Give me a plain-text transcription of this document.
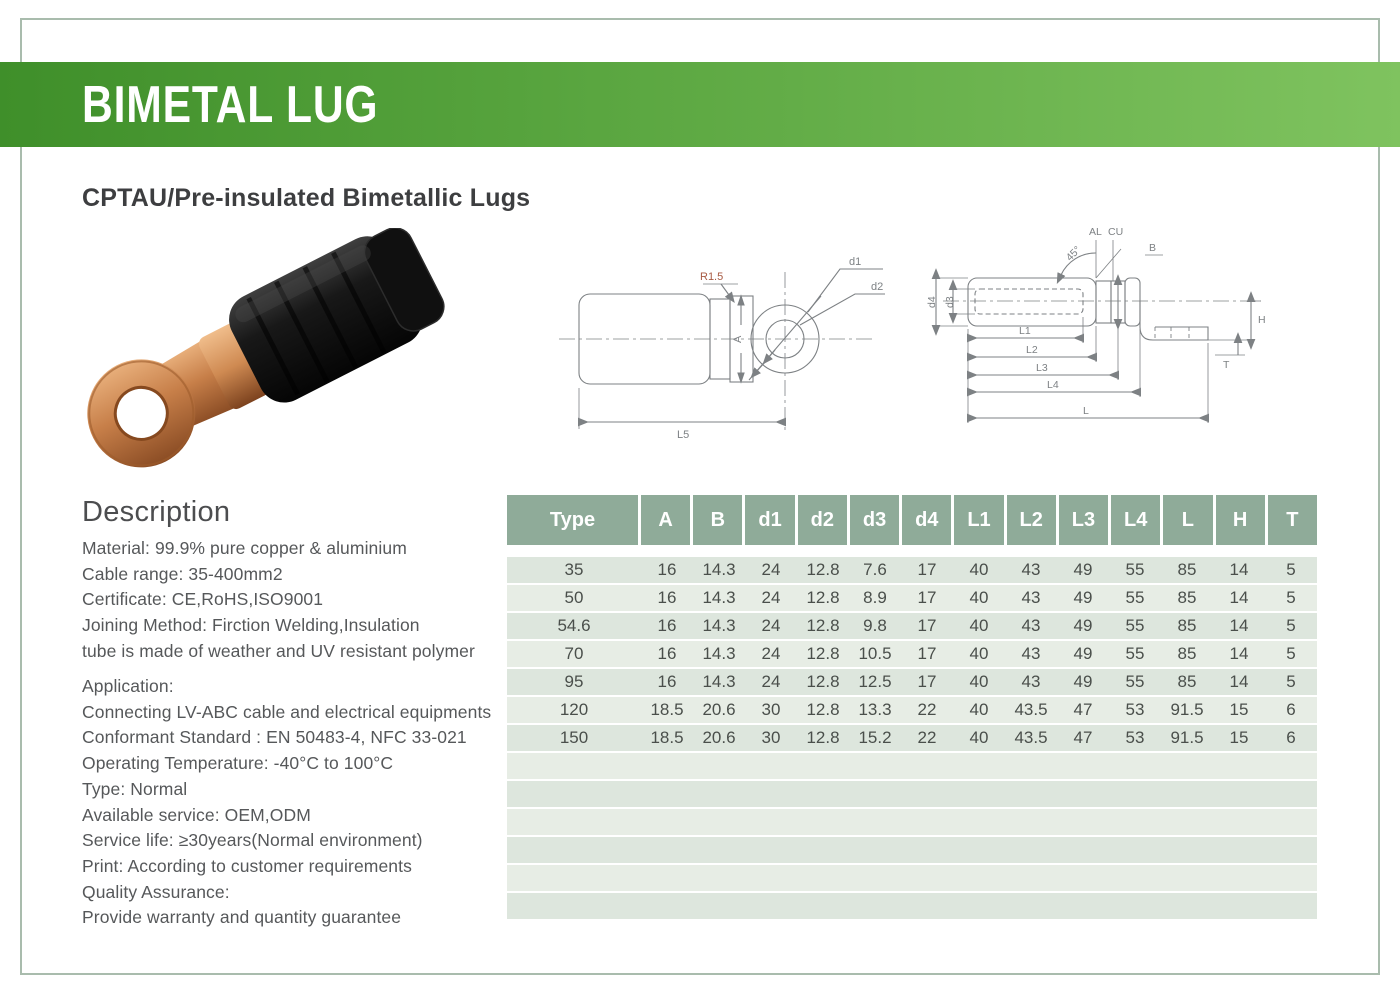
BIMETAL LUG
CPTAU/Pre-insulated Bimetallic Lugs
d1
d2
R1.5
A
L5
AL CU
45°	B
d4 d3
L1
L2
L3
L4
L
H
T
Description
Material: 99.9% pure copper & aluminium
Cable range: 35-400mm2
Certificate: CE,RoHS,ISO9001
Joining Method: Firction Welding,Insulation
tube is made of weather and UV resistant polymer
Application:
Connecting LV-ABC cable and electrical equipments
Conformant Standard : EN 50483-4, NFC 33-021
Operating Temperature: -40°C to 100°C
Type: Normal
Available service: OEM,ODM
Service life: ≥30years(Normal environment)
Print: According to customer requirements
Quality Assurance:
Provide warranty and quantity guarantee
Type	A	B	d1	d2	d3	d4	L1	L2	L3	L4	L	H	T
35	16	14.3	24	12.8	7.6	17	40	43	49	55	85	14	5
50	16	14.3	24	12.8	8.9	17	40	43	49	55	85	14	5
54.6	16	14.3	24	12.8	9.8	17	40	43	49	55	85	14	5
70	16	14.3	24	12.8	10.5	17	40	43	49	55	85	14	5
95	16	14.3	24	12.8	12.5	17	40	43	49	55	85	14	5
120	18.5	20.6	30	12.8	13.3	22	40	43.5	47	53	91.5	15	6
150	18.5	20.6	30	12.8	15.2	22	40	43.5	47	53	91.5	15	6
